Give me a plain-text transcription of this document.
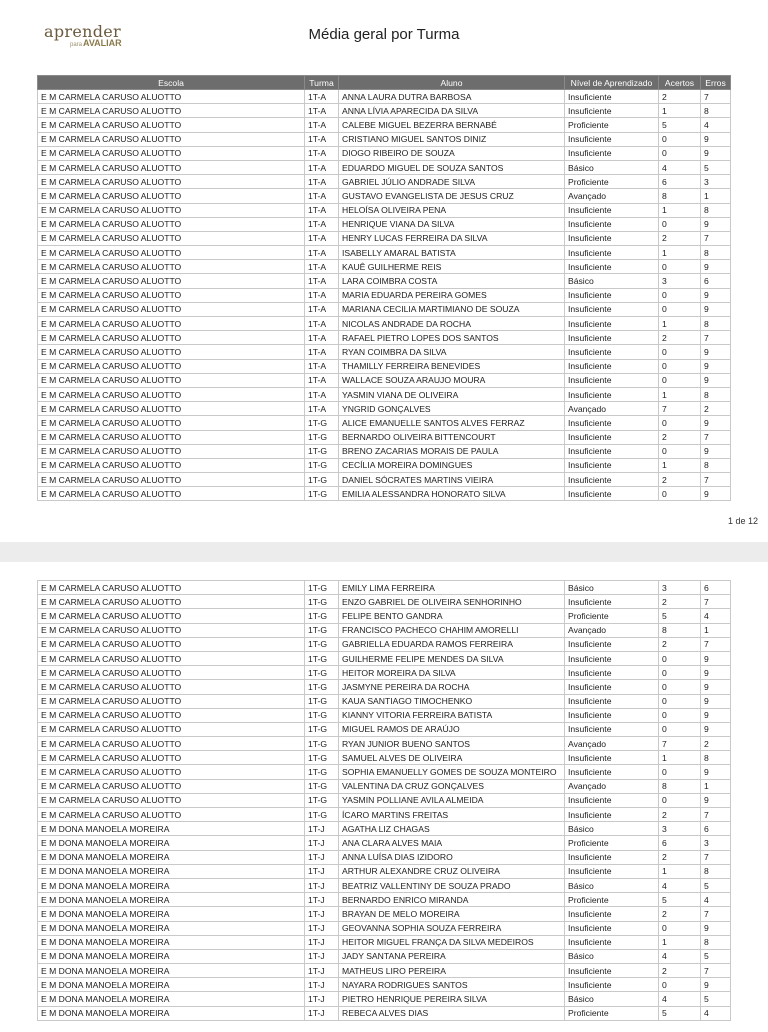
aprender
paraAVALIAR	Média geral por Turma
Escola	Turma	Aluno	Nível de Aprendizado	Acertos	Erros
E M CARMELA CARUSO ALUOTTO	1T-A	ANNA LAURA DUTRA BARBOSA	Insuficiente	2	7
E M CARMELA CARUSO ALUOTTO	1T-A	ANNA LÍVIA APARECIDA DA SILVA	Insuficiente	1	8
E M CARMELA CARUSO ALUOTTO	1T-A	CALEBE MIGUEL BEZERRA BERNABÉ	Proficiente	5	4
E M CARMELA CARUSO ALUOTTO	1T-A	CRISTIANO MIGUEL SANTOS DINIZ	Insuficiente	0	9
E M CARMELA CARUSO ALUOTTO	1T-A	DIOGO RIBEIRO DE SOUZA	Insuficiente	0	9
E M CARMELA CARUSO ALUOTTO	1T-A	EDUARDO MIGUEL DE SOUZA SANTOS	Básico	4	5
E M CARMELA CARUSO ALUOTTO	1T-A	GABRIEL JÚLIO ANDRADE SILVA	Proficiente	6	3
E M CARMELA CARUSO ALUOTTO	1T-A	GUSTAVO EVANGELISTA DE JESUS CRUZ	Avançado	8	1
E M CARMELA CARUSO ALUOTTO	1T-A	HELOÍSA OLIVEIRA PENA	Insuficiente	1	8
E M CARMELA CARUSO ALUOTTO	1T-A	HENRIQUE VIANA DA SILVA	Insuficiente	0	9
E M CARMELA CARUSO ALUOTTO	1T-A	HENRY LUCAS FERREIRA DA SILVA	Insuficiente	2	7
E M CARMELA CARUSO ALUOTTO	1T-A	ISABELLY AMARAL BATISTA	Insuficiente	1	8
E M CARMELA CARUSO ALUOTTO	1T-A	KAUÊ GUILHERME REIS	Insuficiente	0	9
E M CARMELA CARUSO ALUOTTO	1T-A	LARA COIMBRA COSTA	Básico	3	6
E M CARMELA CARUSO ALUOTTO	1T-A	MARIA EDUARDA PEREIRA GOMES	Insuficiente	0	9
E M CARMELA CARUSO ALUOTTO	1T-A	MARIANA CECILIA MARTIMIANO DE SOUZA	Insuficiente	0	9
E M CARMELA CARUSO ALUOTTO	1T-A	NICOLAS ANDRADE DA ROCHA	Insuficiente	1	8
E M CARMELA CARUSO ALUOTTO	1T-A	RAFAEL PIETRO LOPES DOS SANTOS	Insuficiente	2	7
E M CARMELA CARUSO ALUOTTO	1T-A	RYAN COIMBRA DA SILVA	Insuficiente	0	9
E M CARMELA CARUSO ALUOTTO	1T-A	THAMILLY FERREIRA BENEVIDES	Insuficiente	0	9
E M CARMELA CARUSO ALUOTTO	1T-A	WALLACE SOUZA ARAUJO MOURA	Insuficiente	0	9
E M CARMELA CARUSO ALUOTTO	1T-A	YASMIN VIANA DE OLIVEIRA	Insuficiente	1	8
E M CARMELA CARUSO ALUOTTO	1T-A	YNGRID GONÇALVES	Avançado	7	2
E M CARMELA CARUSO ALUOTTO	1T-G	ALICE EMANUELLE SANTOS ALVES FERRAZ	Insuficiente	0	9
E M CARMELA CARUSO ALUOTTO	1T-G	BERNARDO OLIVEIRA BITTENCOURT	Insuficiente	2	7
E M CARMELA CARUSO ALUOTTO	1T-G	BRENO ZACARIAS MORAIS DE PAULA	Insuficiente	0	9
E M CARMELA CARUSO ALUOTTO	1T-G	CECÍLIA MOREIRA DOMINGUES	Insuficiente	1	8
E M CARMELA CARUSO ALUOTTO	1T-G	DANIEL SÓCRATES MARTINS VIEIRA	Insuficiente	2	7
E M CARMELA CARUSO ALUOTTO	1T-G	EMILIA ALESSANDRA HONORATO SILVA	Insuficiente	0	9
1 de 12
E M CARMELA CARUSO ALUOTTO	1T-G	EMILY LIMA FERREIRA	Básico	3	6
E M CARMELA CARUSO ALUOTTO	1T-G	ENZO GABRIEL DE OLIVEIRA SENHORINHO	Insuficiente	2	7
E M CARMELA CARUSO ALUOTTO	1T-G	FELIPE BENTO GANDRA	Proficiente	5	4
E M CARMELA CARUSO ALUOTTO	1T-G	FRANCISCO PACHECO CHAHIM AMORELLI	Avançado	8	1
E M CARMELA CARUSO ALUOTTO	1T-G	GABRIELLA EDUARDA RAMOS FERREIRA	Insuficiente	2	7
E M CARMELA CARUSO ALUOTTO	1T-G	GUILHERME FELIPE MENDES DA SILVA	Insuficiente	0	9
E M CARMELA CARUSO ALUOTTO	1T-G	HEITOR MOREIRA DA SILVA	Insuficiente	0	9
E M CARMELA CARUSO ALUOTTO	1T-G	JASMYNE PEREIRA DA ROCHA	Insuficiente	0	9
E M CARMELA CARUSO ALUOTTO	1T-G	KAUA SANTIAGO TIMOCHENKO	Insuficiente	0	9
E M CARMELA CARUSO ALUOTTO	1T-G	KIANNY VITORIA FERREIRA BATISTA	Insuficiente	0	9
E M CARMELA CARUSO ALUOTTO	1T-G	MIGUEL RAMOS DE ARAÚJO	Insuficiente	0	9
E M CARMELA CARUSO ALUOTTO	1T-G	RYAN JUNIOR BUENO SANTOS	Avançado	7	2
E M CARMELA CARUSO ALUOTTO	1T-G	SAMUEL ALVES DE OLIVEIRA	Insuficiente	1	8
E M CARMELA CARUSO ALUOTTO	1T-G	SOPHIA EMANUELLY GOMES DE SOUZA MONTEIRO	Insuficiente	0	9
E M CARMELA CARUSO ALUOTTO	1T-G	VALENTINA DA CRUZ GONÇALVES	Avançado	8	1
E M CARMELA CARUSO ALUOTTO	1T-G	YASMIN POLLIANE AVILA ALMEIDA	Insuficiente	0	9
E M CARMELA CARUSO ALUOTTO	1T-G	ÍCARO MARTINS FREITAS	Insuficiente	2	7
E M DONA MANOELA MOREIRA	1T-J	AGATHA LIZ CHAGAS	Básico	3	6
E M DONA MANOELA MOREIRA	1T-J	ANA CLARA ALVES MAIA	Proficiente	6	3
E M DONA MANOELA MOREIRA	1T-J	ANNA LUÍSA DIAS IZIDORO	Insuficiente	2	7
E M DONA MANOELA MOREIRA	1T-J	ARTHUR ALEXANDRE CRUZ OLIVEIRA	Insuficiente	1	8
E M DONA MANOELA MOREIRA	1T-J	BEATRIZ VALLENTINY DE SOUZA PRADO	Básico	4	5
E M DONA MANOELA MOREIRA	1T-J	BERNARDO ENRICO MIRANDA	Proficiente	5	4
E M DONA MANOELA MOREIRA	1T-J	BRAYAN DE MELO MOREIRA	Insuficiente	2	7
E M DONA MANOELA MOREIRA	1T-J	GEOVANNA SOPHIA SOUZA FERREIRA	Insuficiente	0	9
E M DONA MANOELA MOREIRA	1T-J	HEITOR MIGUEL FRANÇA DA SILVA MEDEIROS	Insuficiente	1	8
E M DONA MANOELA MOREIRA	1T-J	JADY SANTANA PEREIRA	Básico	4	5
E M DONA MANOELA MOREIRA	1T-J	MATHEUS LIRO PEREIRA	Insuficiente	2	7
E M DONA MANOELA MOREIRA	1T-J	NAYARA RODRIGUES SANTOS	Insuficiente	0	9
E M DONA MANOELA MOREIRA	1T-J	PIETRO HENRIQUE PEREIRA SILVA	Básico	4	5
E M DONA MANOELA MOREIRA	1T-J	REBECA ALVES DIAS	Proficiente	5	4
